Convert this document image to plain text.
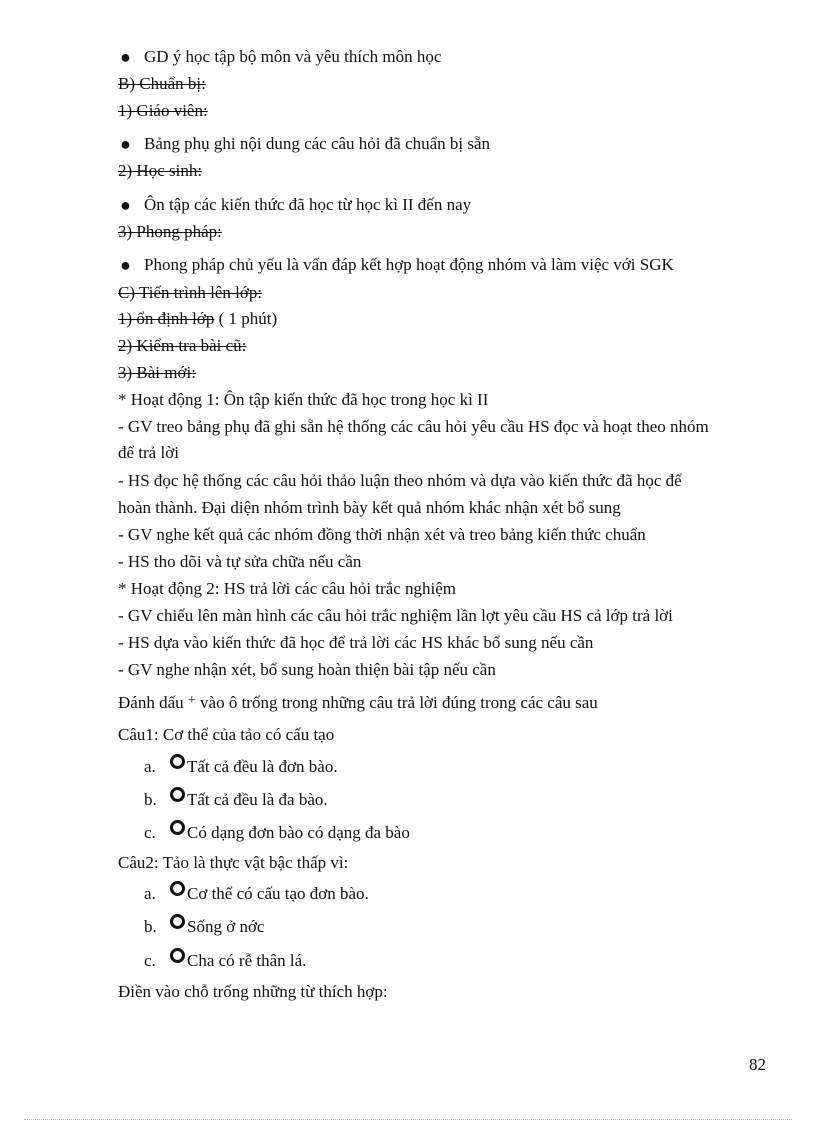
● GD ý học tập bộ môn và yêu thích môn học
B) Chuẩn bị:
1) Giáo viên:
● Bảng phụ ghi nội dung các câu hỏi đã chuẩn bị sẵn
2) Học sinh:
● Ôn tập các kiến thức đã học từ học kì II đến nay
3) Phong pháp:
● Phong pháp chủ yếu là vấn đáp kết hợp hoạt động nhóm và làm việc với SGK
C) Tiến trình lên lớp:
1) ổn định lớp ( 1 phút)
2) Kiểm tra bài cũ:
3) Bài mới:
* Hoạt động 1: Ôn tập kiến thức đã học trong học kì II
- GV treo bảng phụ đã ghi sẵn hệ thống các câu hỏi yêu cầu HS đọc và hoạt theo nhóm
để trả lời
- HS đọc hệ thống các câu hỏi thảo luận theo nhóm và dựa vào kiến thức đã học để
hoàn thành. Đại diện nhóm trình bày kết quả nhóm khác nhận xét bổ sung
- GV nghe kết quả các nhóm đồng thời nhận xét và treo bảng kiến thức chuẩn
- HS tho dõi và tự sửa chữa nếu cần
* Hoạt động 2: HS trả lời các câu hỏi trắc nghiệm
- GV chiếu lên màn hình các câu hỏi trắc nghiệm lần lợt yêu cầu HS cả lớp trả lời
- HS dựa vào kiến thức đã học để trả lời các HS khác bổ sung nếu cần
- GV nghe nhận xét, bổ sung hoàn thiện bài tập nếu cần
Đánh dấu + vào ô trống trong những câu trả lời đúng trong các câu sau
Câu1: Cơ thể của tảo có cấu tạo
a. Tất cả đều là đơn bào.
b. Tất cả đều là đa bào.
c. Có dạng đơn bào có dạng đa bào
Câu2: Tảo là thực vật bậc thấp vì:
a. Cơ thể có cấu tạo đơn bào.
b. Sống ở nớc
c. Cha có rễ thân lá.
Điền vào chỗ trống những từ thích hợp:
82
